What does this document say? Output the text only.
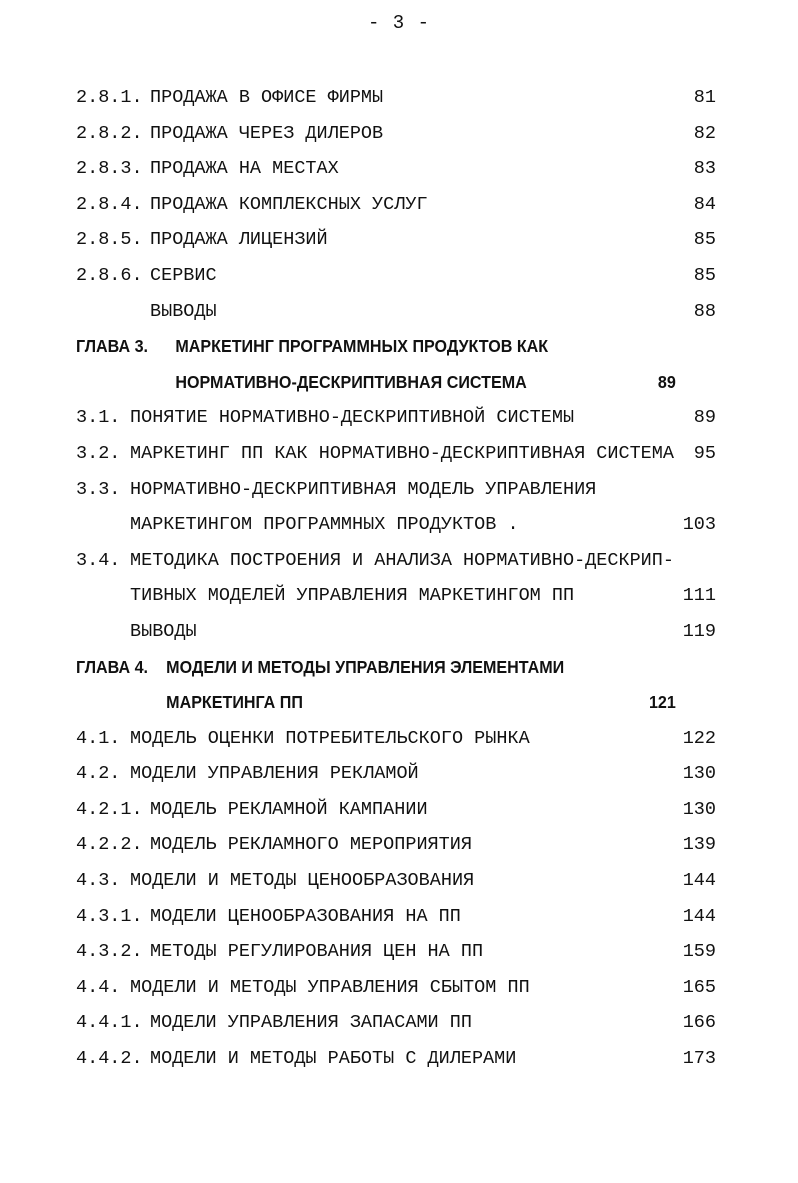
- 3 -
2.8.1. ПРОДАЖА В ОФИСЕ ФИРМЫ	81
2.8.2. ПРОДАЖА ЧЕРЕЗ ДИЛЕРОВ	82
2.8.3. ПРОДАЖА НА МЕСТАХ	83
2.8.4. ПРОДАЖА КОМПЛЕКСНЫХ УСЛУГ	84
2.8.5. ПРОДАЖА ЛИЦЕНЗИЙ	85
2.8.6. СЕРВИС	85
ВЫВОДЫ	88
ГЛАВА 3. МАРКЕТИНГ ПРОГРАММНЫХ ПРОДУКТОВ КАК
НОРМАТИВНО-ДЕСКРИПТИВНАЯ СИСТЕМА	89
3.1. ПОНЯТИЕ НОРМАТИВНО-ДЕСКРИПТИВНОЙ СИСТЕМЫ	89
3.2. МАРКЕТИНГ ПП КАК НОРМАТИВНО-ДЕСКРИПТИВНАЯ СИСТЕМА 95
3.3. НОРМАТИВНО-ДЕСКРИПТИВНАЯ МОДЕЛЬ УПРАВЛЕНИЯ
МАРКЕТИНГОМ ПРОГРАММНЫХ ПРОДУКТОВ .	103
3.4. МЕТОДИКА ПОСТРОЕНИЯ И АНАЛИЗА НОРМАТИВНО-ДЕСКРИП-
ТИВНЫХ МОДЕЛЕЙ УПРАВЛЕНИЯ МАРКЕТИНГОМ ПП	111
ВЫВОДЫ	119
ГЛАВА 4. МОДЕЛИ И МЕТОДЫ УПРАВЛЕНИЯ ЭЛЕМЕНТАМИ
МАРКЕТИНГА ПП	121
4.1. МОДЕЛЬ ОЦЕНКИ ПОТРЕБИТЕЛЬСКОГО РЫНКА	122
4.2. МОДЕЛИ УПРАВЛЕНИЯ РЕКЛАМОЙ	130
4.2.1. МОДЕЛЬ РЕКЛАМНОЙ КАМПАНИИ	130
4.2.2. МОДЕЛЬ РЕКЛАМНОГО МЕРОПРИЯТИЯ	139
4.3. МОДЕЛИ И МЕТОДЫ ЦЕНООБРАЗОВАНИЯ	144
4.3.1. МОДЕЛИ ЦЕНООБРАЗОВАНИЯ НА ПП	144
4.3.2. МЕТОДЫ РЕГУЛИРОВАНИЯ ЦЕН НА ПП	159
4.4. МОДЕЛИ И МЕТОДЫ УПРАВЛЕНИЯ СБЫТОМ ПП	165
4.4.1. МОДЕЛИ УПРАВЛЕНИЯ ЗАПАСАМИ ПП	166
4.4.2. МОДЕЛИ И МЕТОДЫ РАБОТЫ С ДИЛЕРАМИ	173
